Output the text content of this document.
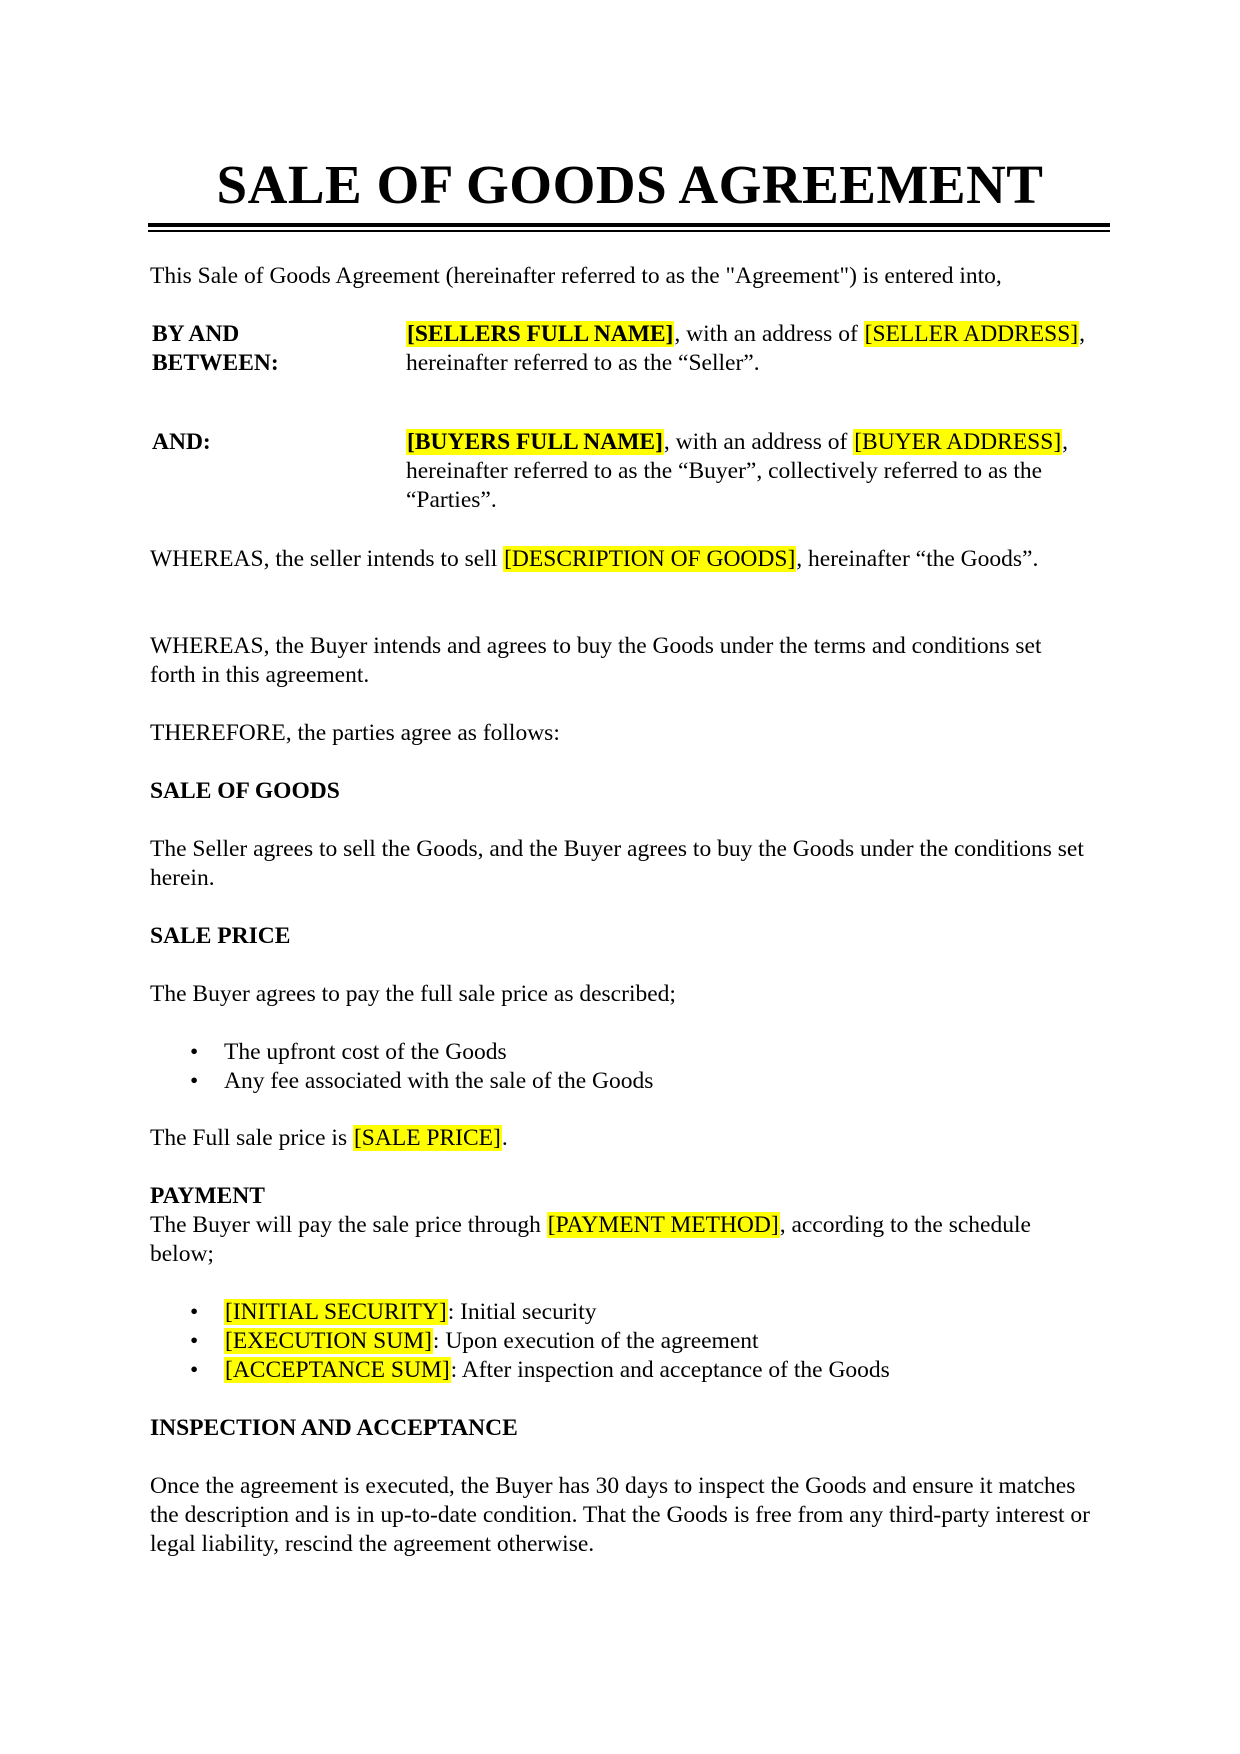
SALE OF GOODS AGREEMENT

This Sale of Goods Agreement (hereinafter referred to as the "Agreement") is entered into,

BY AND BETWEEN:

[SELLERS FULL NAME], with an address of [SELLER ADDRESS], hereinafter referred to as the “Seller”.

AND:	[BUYERS FULL NAME], with an address of [BUYER ADDRESS], hereinafter referred to as the “Buyer”, collectively referred to as the “Parties”.

WHEREAS, the seller intends to sell [DESCRIPTION OF GOODS], hereinafter “the Goods”.

WHEREAS, the Buyer intends and agrees to buy the Goods under the terms and conditions set forth in this agreement.

THEREFORE, the parties agree as follows:

SALE OF GOODS

The Seller agrees to sell the Goods, and the Buyer agrees to buy the Goods under the conditions set herein.

SALE PRICE

The Buyer agrees to pay the full sale price as described;

• The upfront cost of the Goods
• Any fee associated with the sale of the Goods

The Full sale price is [SALE PRICE].

PAYMENT

The Buyer will pay the sale price through [PAYMENT METHOD], according to the schedule below;

• [INITIAL SECURITY]: Initial security
• [EXECUTION SUM]: Upon execution of the agreement
• [ACCEPTANCE SUM]: After inspection and acceptance of the Goods

INSPECTION AND ACCEPTANCE

Once the agreement is executed, the Buyer has 30 days to inspect the Goods and ensure it matches the description and is in up-to-date condition. That the Goods is free from any third-party interest or legal liability, rescind the agreement otherwise.
